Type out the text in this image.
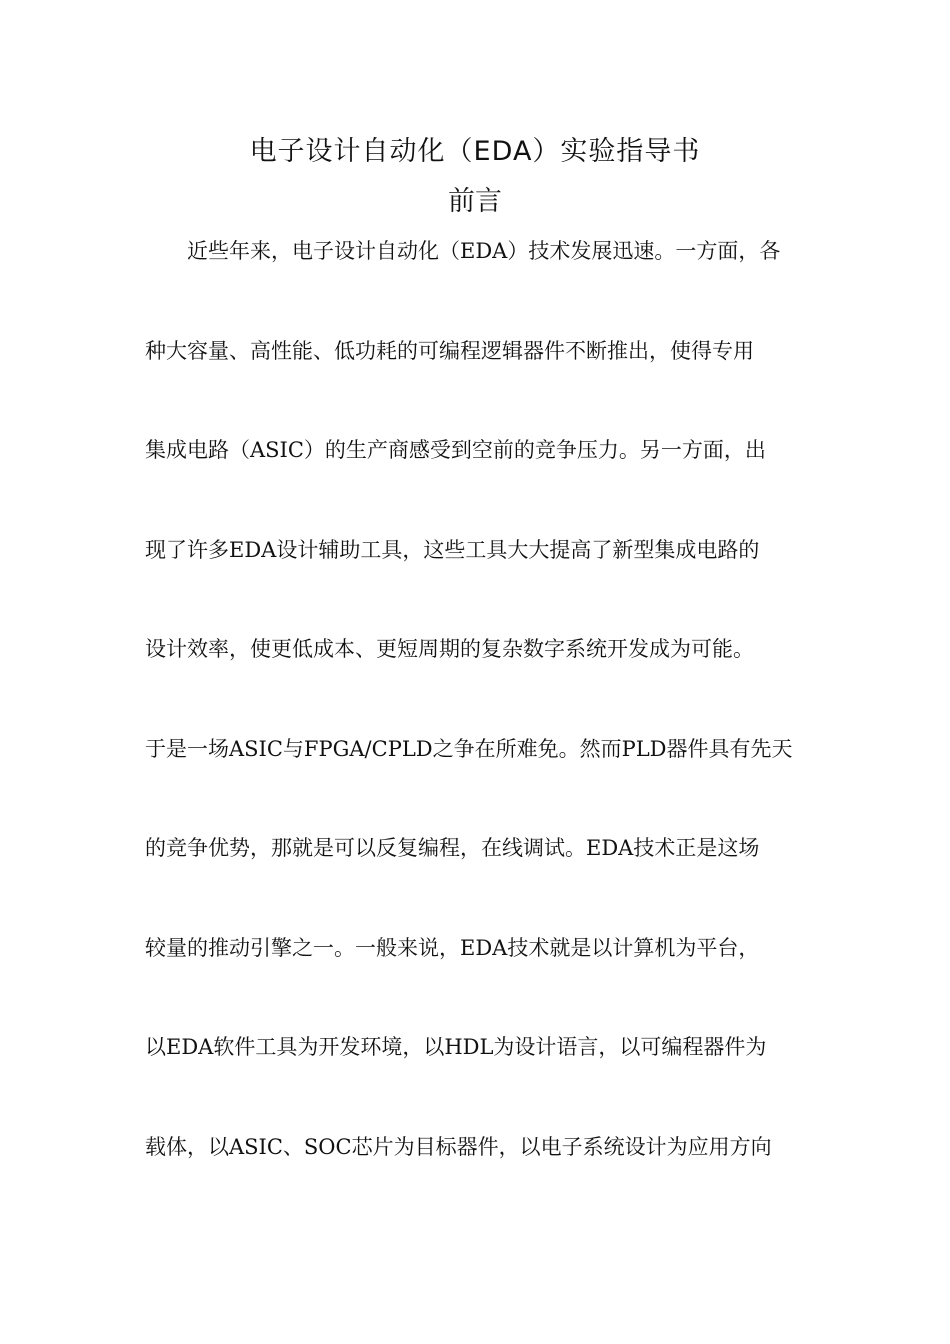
电子设计自动化（EDA）实验指导书
前言
近些年来，电子设计自动化（EDA）技术发展迅速。一方面，各
种大容量、高性能、低功耗的可编程逻辑器件不断推出，使得专用
集成电路（ASIC）的生产商感受到空前的竞争压力。另一方面，出
现了许多EDA设计辅助工具，这些工具大大提高了新型集成电路的
设计效率，使更低成本、更短周期的复杂数字系统开发成为可能。
于是一场ASIC与FPGA/CPLD之争在所难免。然而PLD器件具有先天
的竞争优势，那就是可以反复编程，在线调试。EDA技术正是这场
较量的推动引擎之一。一般来说，EDA技术就是以计算机为平台，
以EDA软件工具为开发环境，以HDL为设计语言，以可编程器件为
载体，以ASIC、SOC芯片为目标器件，以电子系统设计为应用方向
